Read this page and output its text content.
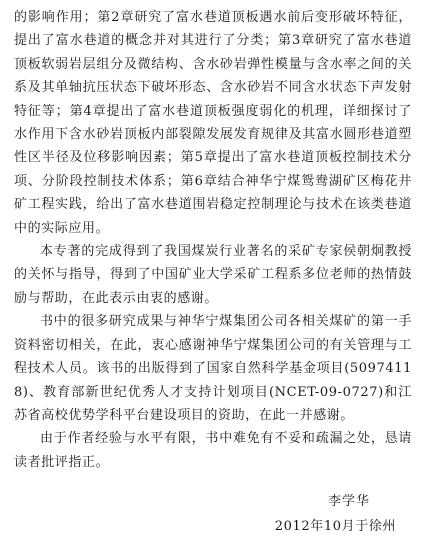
的影响作用；第2章研究了富水巷道顶板遇水前后变形破坏特征，提出了富水巷道的概念并对其进行了分类；第3章研究了富水巷道顶板软弱岩层组分及微结构、含水砂岩弹性模量与含水率之间的关系及其单轴抗压状态下破坏形态、含水砂岩不同含水状态下声发射特征等；第4章提出了富水巷道顶板强度弱化的机理，详细探讨了水作用下含水砂岩顶板内部裂隙发展发育规律及其富水圆形巷道塑性区半径及位移影响因素；第5章提出了富水巷道顶板控制技术分项、分阶段控制技术体系；第6章结合神华宁煤鸳鸯湖矿区梅花井矿工程实践，给出了富水巷道围岩稳定控制理论与技术在该类巷道中的实际应用。

本专著的完成得到了我国煤炭行业著名的采矿专家侯朝炯教授的关怀与指导，得到了中国矿业大学采矿工程系多位老师的热情鼓励与帮助，在此表示由衷的感谢。

书中的很多研究成果与神华宁煤集团公司各相关煤矿的第一手资料密切相关，在此，衷心感谢神华宁煤集团公司的有关管理与工程技术人员。该书的出版得到了国家自然科学基金项目(50974118)、教育部新世纪优秀人才支持计划项目(NCET-09-0727)和江苏省高校优势学科平台建设项目的资助，在此一并感谢。

由于作者经验与水平有限，书中难免有不妥和疏漏之处，恳请读者批评指正。

李学华
2012年10月于徐州
